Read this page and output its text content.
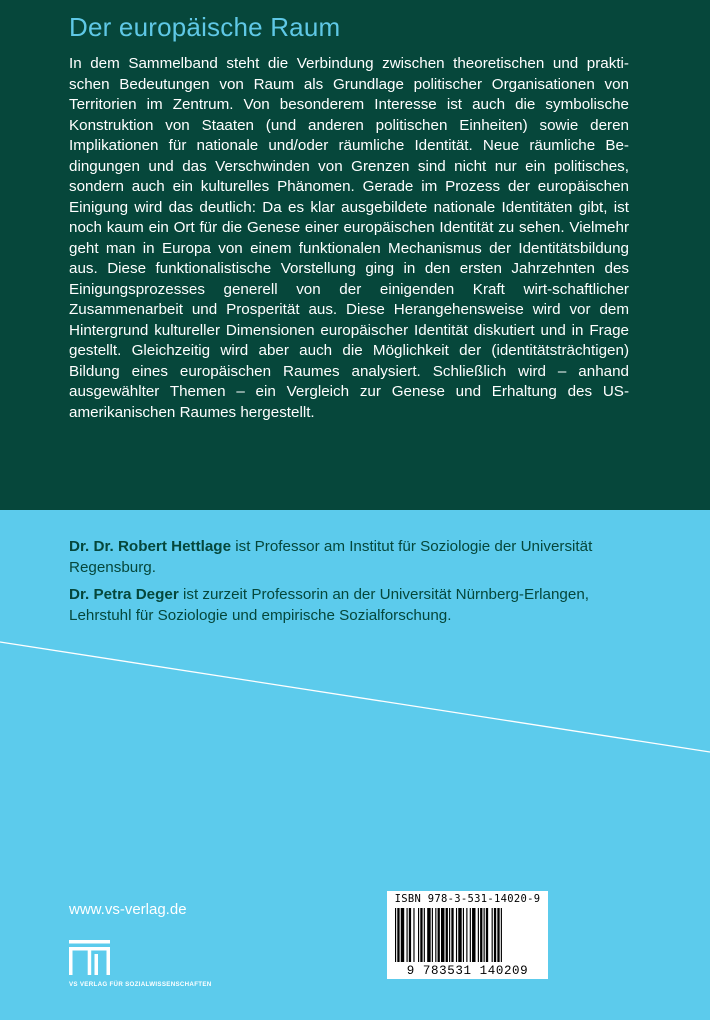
Der europäische Raum

In dem Sammelband steht die Verbindung zwischen theoretischen und prakti-schen Bedeutungen von Raum als Grundlage politischer Organisationen von Territorien im Zentrum. Von besonderem Interesse ist auch die symbolische Konstruktion von Staaten (und anderen politischen Einheiten) sowie deren Implikationen für nationale und/oder räumliche Identität. Neue räumliche Be-dingungen und das Verschwinden von Grenzen sind nicht nur ein politisches, sondern auch ein kulturelles Phänomen. Gerade im Prozess der europäischen Einigung wird das deutlich: Da es klar ausgebildete nationale Identitäten gibt, ist noch kaum ein Ort für die Genese einer europäischen Identität zu sehen. Vielmehr geht man in Europa von einem funktionalen Mechanismus der Identitätsbildung aus. Diese funktionalistische Vorstellung ging in den ersten Jahrzehnten des Einigungsprozesses generell von der einigenden Kraft wirt-schaftlicher Zusammenarbeit und Prosperität aus. Diese Herangehensweise wird vor dem Hintergrund kultureller Dimensionen europäischer Identität diskutiert und in Frage gestellt. Gleichzeitig wird aber auch die Möglichkeit der (identitätsträchtigen) Bildung eines europäischen Raumes analysiert. Schließlich wird – anhand ausgewählter Themen – ein Vergleich zur Genese und Erhaltung des US-amerikanischen Raumes hergestellt.

Dr. Dr. Robert Hettlage ist Professor am Institut für Soziologie der Universität Regensburg.

Dr. Petra Deger ist zurzeit Professorin an der Universität Nürnberg-Erlangen, Lehrstuhl für Soziologie und empirische Sozialforschung.

www.vs-verlag.de
VS VERLAG FÜR SOZIALWISSENSCHAFTEN
ISBN 978-3-531-14020-9
9 783531 140209
